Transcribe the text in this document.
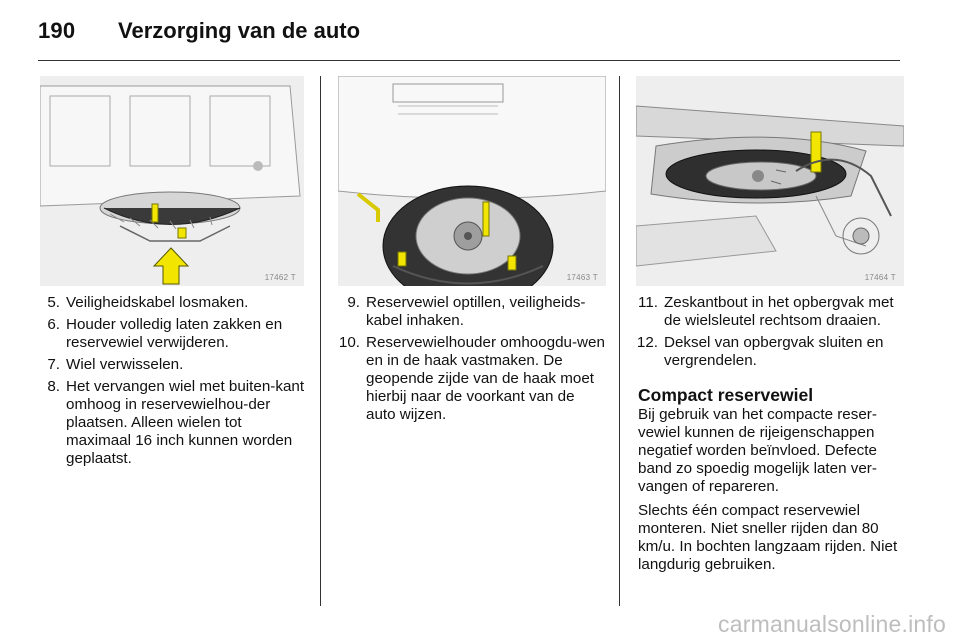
190 Verzorging van de auto
17462 T	17463 T	17464 T
5. Veiligheidskabel losmaken.
6. Houder volledig laten zakken en reservewiel verwijderen.
7. Wiel verwisselen.
8. Het vervangen wiel met buiten-kant omhoog in reservewielhou-der plaatsen. Alleen wielen tot maximaal 16 inch kunnen worden geplaatst.
9. Reservewiel optillen, veiligheids-kabel inhaken.
10. Reservewielhouder omhoogdu-wen en in de haak vastmaken. De geopende zijde van de haak moet hierbij naar de voorkant van de auto wijzen.
11. Zeskantbout in het opbergvak met de wielsleutel rechtsom draaien.
12. Deksel van opbergvak sluiten en vergrendelen.
Compact reservewiel

Bij gebruik van het compacte reser-vewiel kunnen de rijeigenschappen negatief worden beïnvloed. Defecte band zo spoedig mogelijk laten ver-vangen of repareren.

Slechts één compact reservewiel monteren. Niet sneller rijden dan 80 km/u. In bochten langzaam rijden. Niet langdurig gebruiken.

carmanualsonline.info
